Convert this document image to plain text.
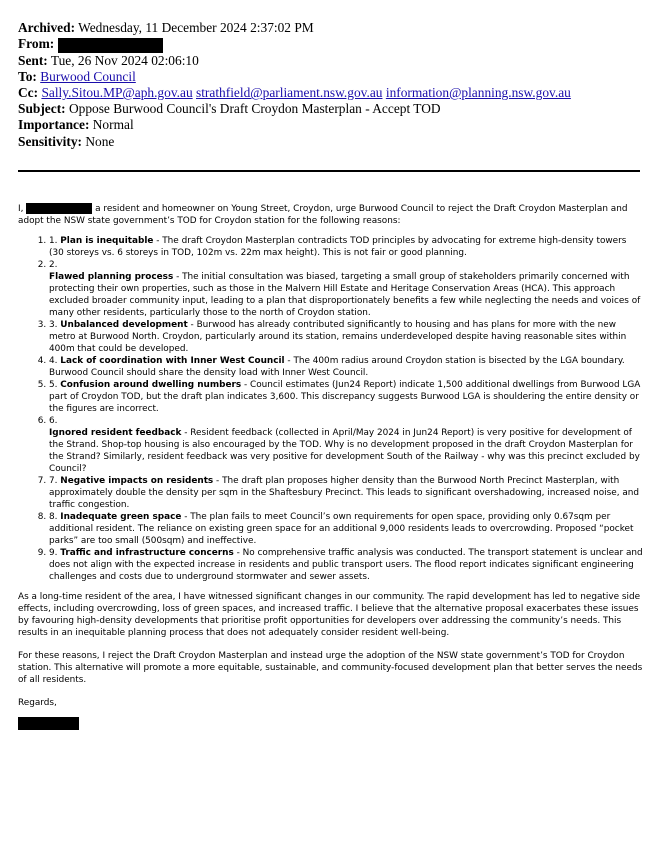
Archived: Wednesday, 11 December 2024 2:37:02 PM
From:
Sent: Tue, 26 Nov 2024 02:06:10
To: Burwood Council
Cc: Sally.Sitou.MP@aph.gov.au strathfield@parliament.nsw.gov.au information@planning.nsw.gov.au
Subject: Oppose Burwood Council's Draft Croydon Masterplan - Accept TOD
Importance: Normal
Sensitivity: None

I,	a resident and homeowner on Young Street, Croydon, urge Burwood Council to reject the Draft Croydon Masterplan and adopt the NSW state government’s TOD for Croydon station for the following reasons:

1. 1. Plan is inequitable - The draft Croydon Masterplan contradicts TOD principles by advocating for extreme high-density towers (30 storeys vs. 6 storeys in TOD, 102m vs. 22m max height). This is not fair or good planning.
2. 2.
Flawed planning process - The initial consultation was biased, targeting a small group of stakeholders primarily concerned with protecting their own properties, such as those in the Malvern Hill Estate and Heritage Conservation Areas (HCA). This approach excluded broader community input, leading to a plan that disproportionately benefits a few while neglecting the needs and voices of many other residents, particularly those to the north of Croydon station.
3. 3. Unbalanced development - Burwood has already contributed significantly to housing and has plans for more with the new metro at Burwood North. Croydon, particularly around its station, remains underdeveloped despite having reasonable sites within 400m that could be developed.
4. 4. Lack of coordination with Inner West Council - The 400m radius around Croydon station is bisected by the LGA boundary. Burwood Council should share the density load with Inner West Council.
5. 5. Confusion around dwelling numbers - Council estimates (Jun24 Report) indicate 1,500 additional dwellings from Burwood LGA part of Croydon TOD, but the draft plan indicates 3,600. This discrepancy suggests Burwood LGA is shouldering the entire density or the figures are incorrect.
6. 6.
Ignored resident feedback - Resident feedback (collected in April/May 2024 in Jun24 Report) is very positive for development of the Strand. Shop-top housing is also encouraged by the TOD. Why is no development proposed in the draft Croydon Masterplan for the Strand? Similarly, resident feedback was very positive for development South of the Railway - why was this precinct excluded by Council?
7. 7. Negative impacts on residents - The draft plan proposes higher density than the Burwood North Precinct Masterplan, with approximately double the density per sqm in the Shaftesbury Precinct. This leads to significant overshadowing, increased noise, and traffic congestion.
8. 8. Inadequate green space - The plan fails to meet Council’s own requirements for open space, providing only 0.67sqm per additional resident. The reliance on existing green space for an additional 9,000 residents leads to overcrowding. Proposed “pocket parks” are too small (500sqm) and ineffective.
9. 9. Traffic and infrastructure concerns - No comprehensive traffic analysis was conducted. The transport statement is unclear and does not align with the expected increase in residents and public transport users. The flood report indicates significant engineering challenges and costs due to underground stormwater and sewer assets.

As a long-time resident of the area, I have witnessed significant changes in our community. The rapid development has led to negative side effects, including overcrowding, loss of green spaces, and increased traffic. I believe that the alternative proposal exacerbates these issues by favouring high-density developments that prioritise profit opportunities for developers over addressing the community’s needs. This results in an inequitable planning process that does not adequately consider resident well-being.

For these reasons, I reject the Draft Croydon Masterplan and instead urge the adoption of the NSW state government’s TOD for Croydon station. This alternative will promote a more equitable, sustainable, and community-focused development plan that better serves the needs of all residents.

Regards,
